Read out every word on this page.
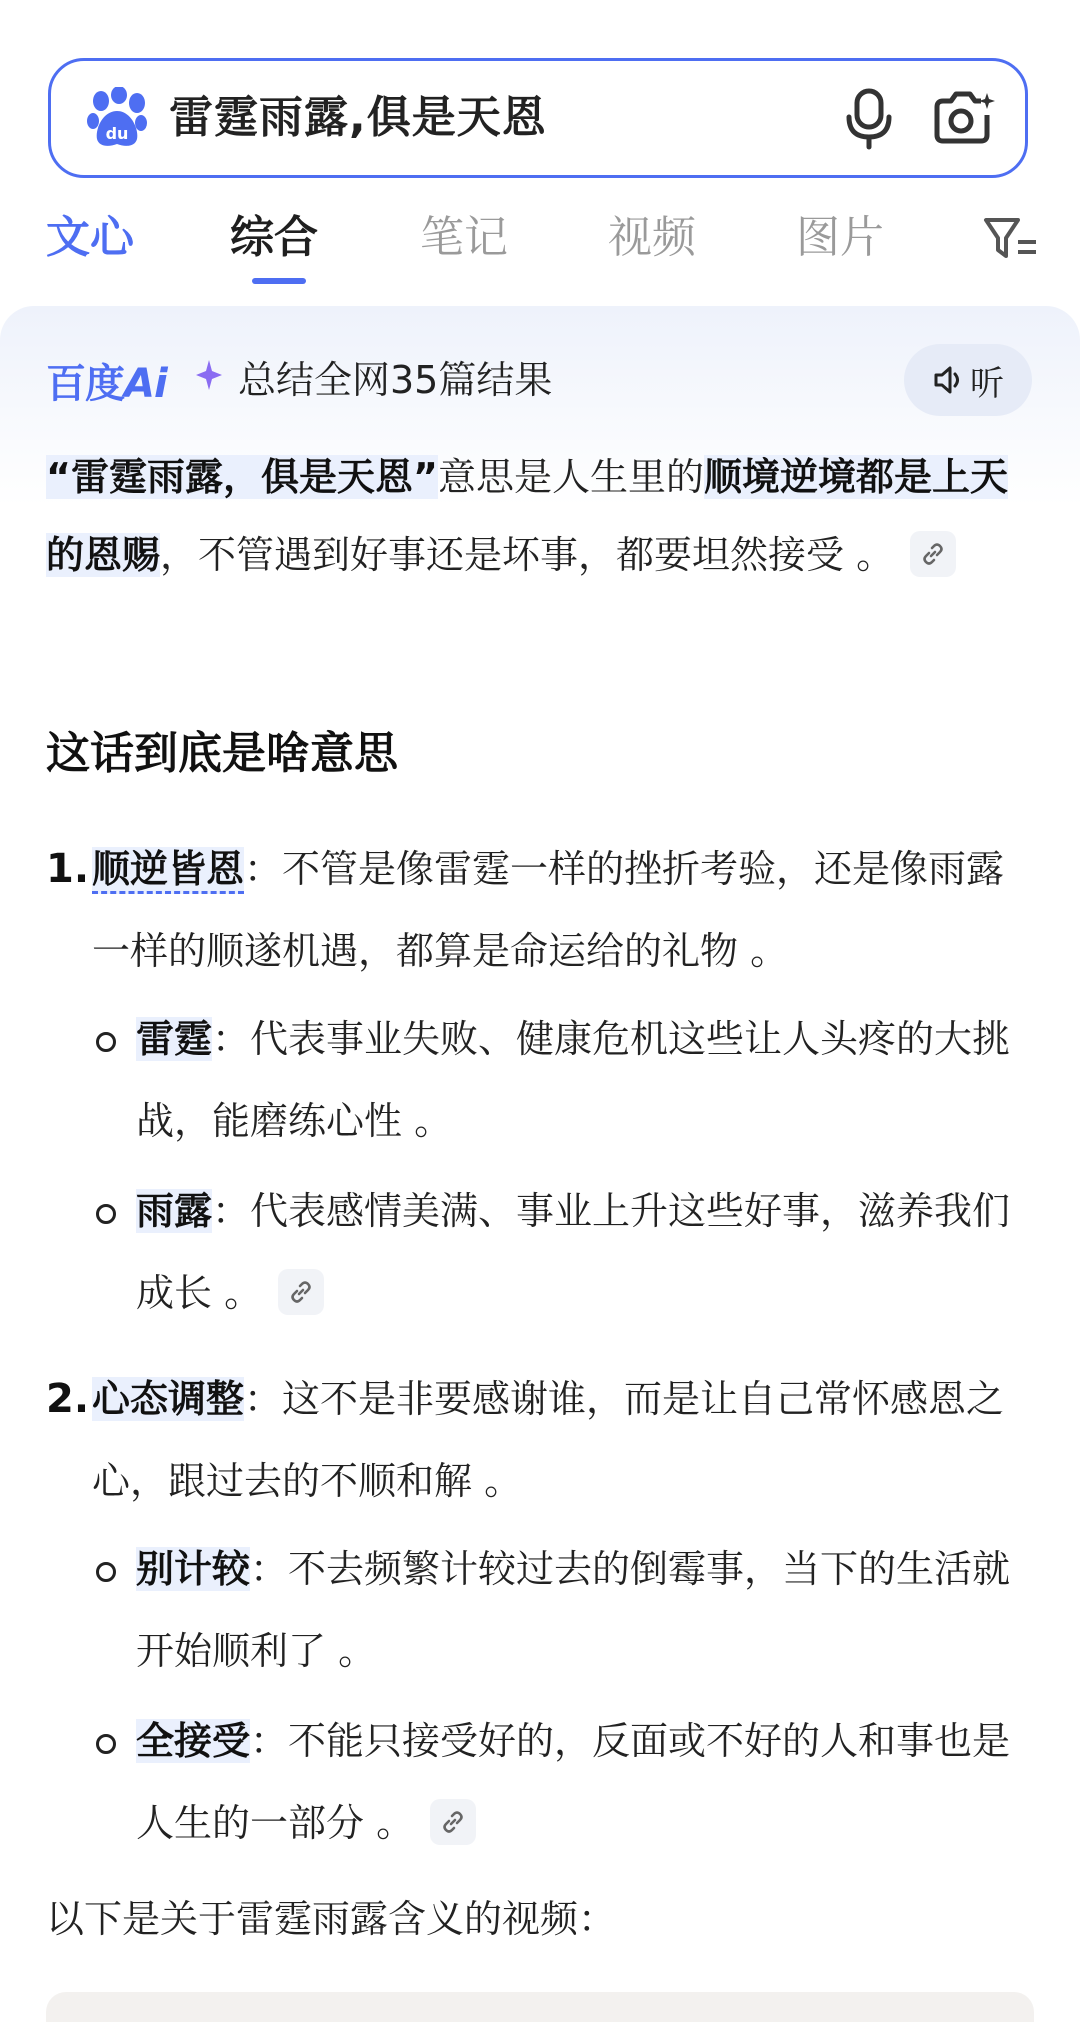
du 雷霆雨露,俱是天恩
文心 综合 笔记 视频 图片
百度Ai 总结全网35篇结果	听
“雷霆雨露，俱是天恩”意思是人生里的顺境逆境都是上天的恩赐，不管遇到好事还是坏事，都要坦然接受 。
这话到底是啥意思
1. 顺逆皆恩：不管是像雷霆一样的挫折考验，还是像雨露一样的顺遂机遇，都算是命运给的礼物 。
雷霆：代表事业失败、健康危机这些让人头疼的大挑战，能磨练心性 。
雨露：代表感情美满、事业上升这些好事，滋养我们成长 。
2. 心态调整：这不是非要感谢谁，而是让自己常怀感恩之心，跟过去的不顺和解 。
别计较：不去频繁计较过去的倒霉事，当下的生活就开始顺利了 。
全接受：不能只接受好的，反面或不好的人和事也是人生的一部分 。
以下是关于雷霆雨露含义的视频：
